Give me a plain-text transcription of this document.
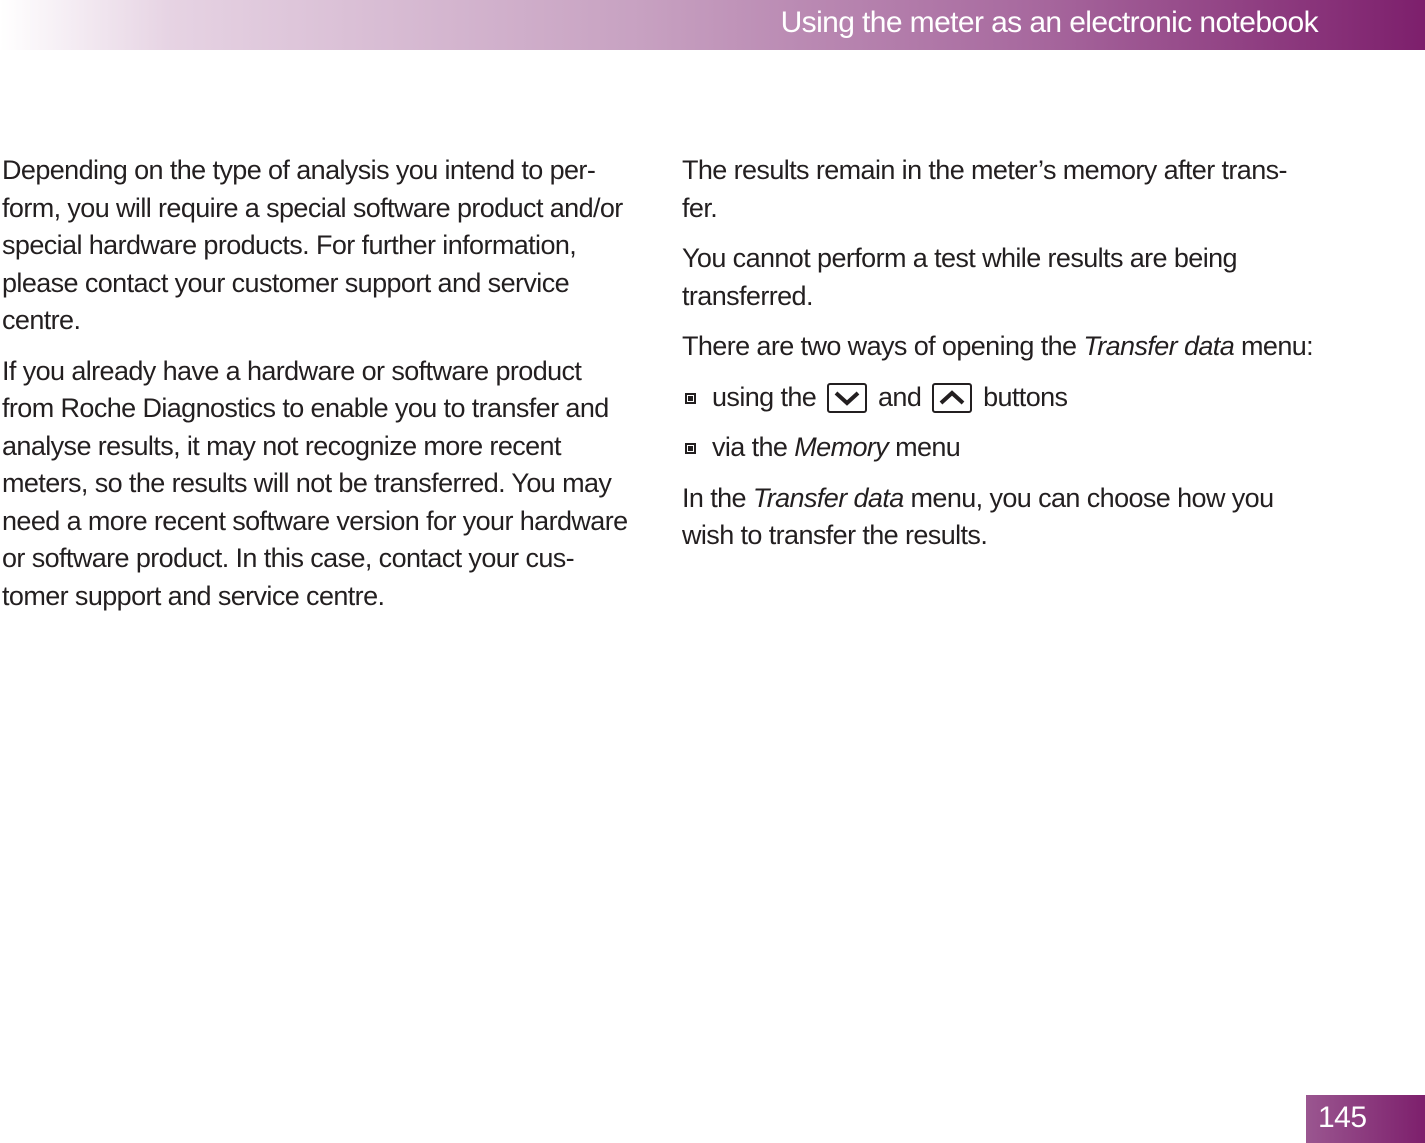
Using the meter as an electronic notebook

Depending on the type of analysis you intend to per-
form, you will require a special software product and/or
special hardware products. For further information,
please contact your customer support and service
centre.

If you already have a hardware or software product
from Roche Diagnostics to enable you to transfer and
analyse results, it may not recognize more recent
meters, so the results will not be transferred. You may
need a more recent software version for your hardware
or software product. In this case, contact your cus-
tomer support and service centre.

The results remain in the meter’s memory after trans-
fer.

You cannot perform a test while results are being
transferred.

There are two ways of opening the Transfer data menu:

using the and buttons
via the Memory menu

In the Transfer data menu, you can choose how you
wish to transfer the results.

145
